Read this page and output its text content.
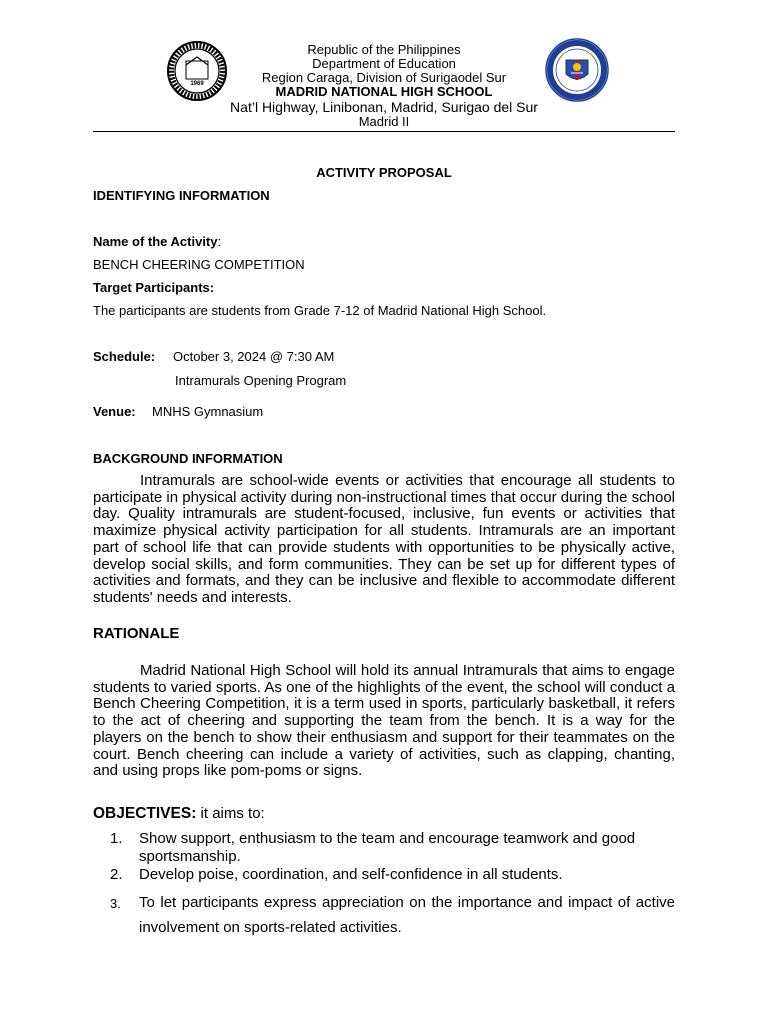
1969
Republic of the Philippines
Department of Education
Region Caraga, Division of Surigaodel Sur
MADRID NATIONAL HIGH SCHOOL
Nat’l Highway, Linibonan, Madrid, Surigao del Sur
Madrid II
ACTIVITY PROPOSAL
IDENTIFYING INFORMATION
Name of the Activity:
BENCH CHEERING COMPETITION
Target Participants:
The participants are students from Grade 7-12 of Madrid National High School.
Schedule: October 3, 2024 @ 7:30 AM
Intramurals Opening Program
Venue: MNHS Gymnasium
BACKGROUND INFORMATION

Intramurals are school-wide events or activities that encourage all students to participate in physical activity during non-instructional times that occur during the school day. Quality intramurals are student-focused, inclusive, fun events or activities that maximize physical activity participation for all students. Intramurals are an important part of school life that can provide students with opportunities to be physically active, develop social skills, and form communities. They can be set up for different types of activities and formats, and they can be inclusive and flexible to accommodate different students' needs and interests.

RATIONALE

Madrid National High School will hold its annual Intramurals that aims to engage students to varied sports. As one of the highlights of the event, the school will conduct a Bench Cheering Competition, it is a term used in sports, particularly basketball, it refers to the act of cheering and supporting the team from the bench. It is a way for the players on the bench to show their enthusiasm and support for their teammates on the court. Bench cheering can include a variety of activities, such as clapping, chanting, and using props like pom-poms or signs.

OBJECTIVES: it aims to:
1. Show support, enthusiasm to the team and encourage teamwork and good sportsmanship.
2. Develop poise, coordination, and self-confidence in all students.
3. To let participants express appreciation on the importance and impact of active involvement on sports-related activities.
